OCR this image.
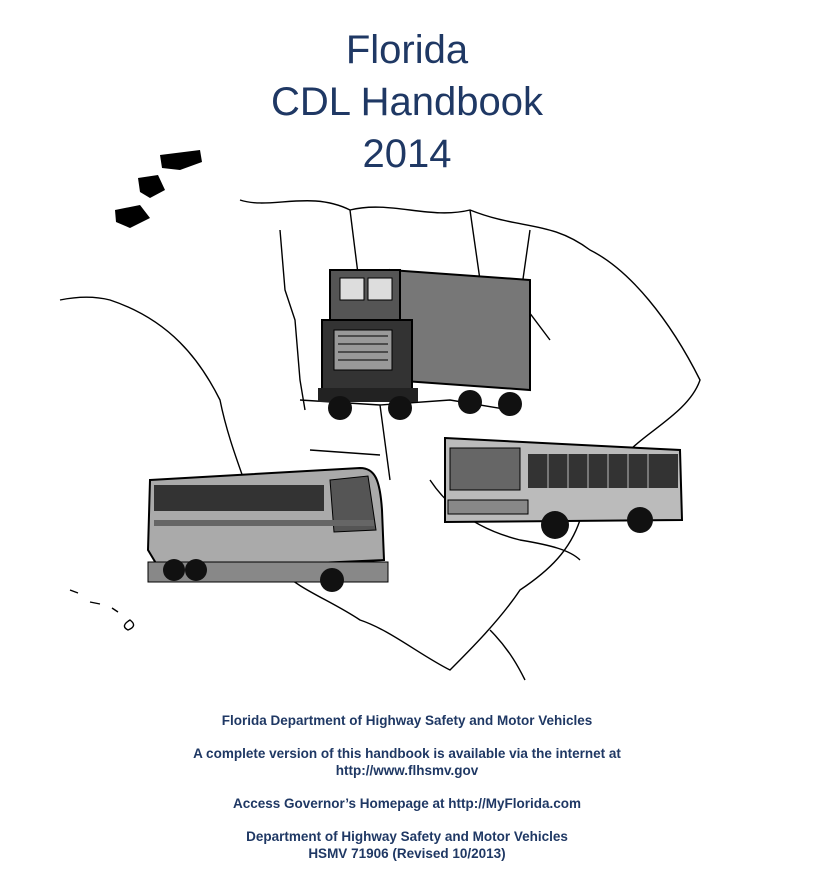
Florida
CDL Handbook
2014

Florida Department of Highway Safety and Motor Vehicles

A complete version of this handbook is available via the internet at
http://www.flhsmv.gov

Access Governor’s Homepage at http://MyFlorida.com

Department of Highway Safety and Motor Vehicles
HSMV 71906 (Revised 10/2013)
